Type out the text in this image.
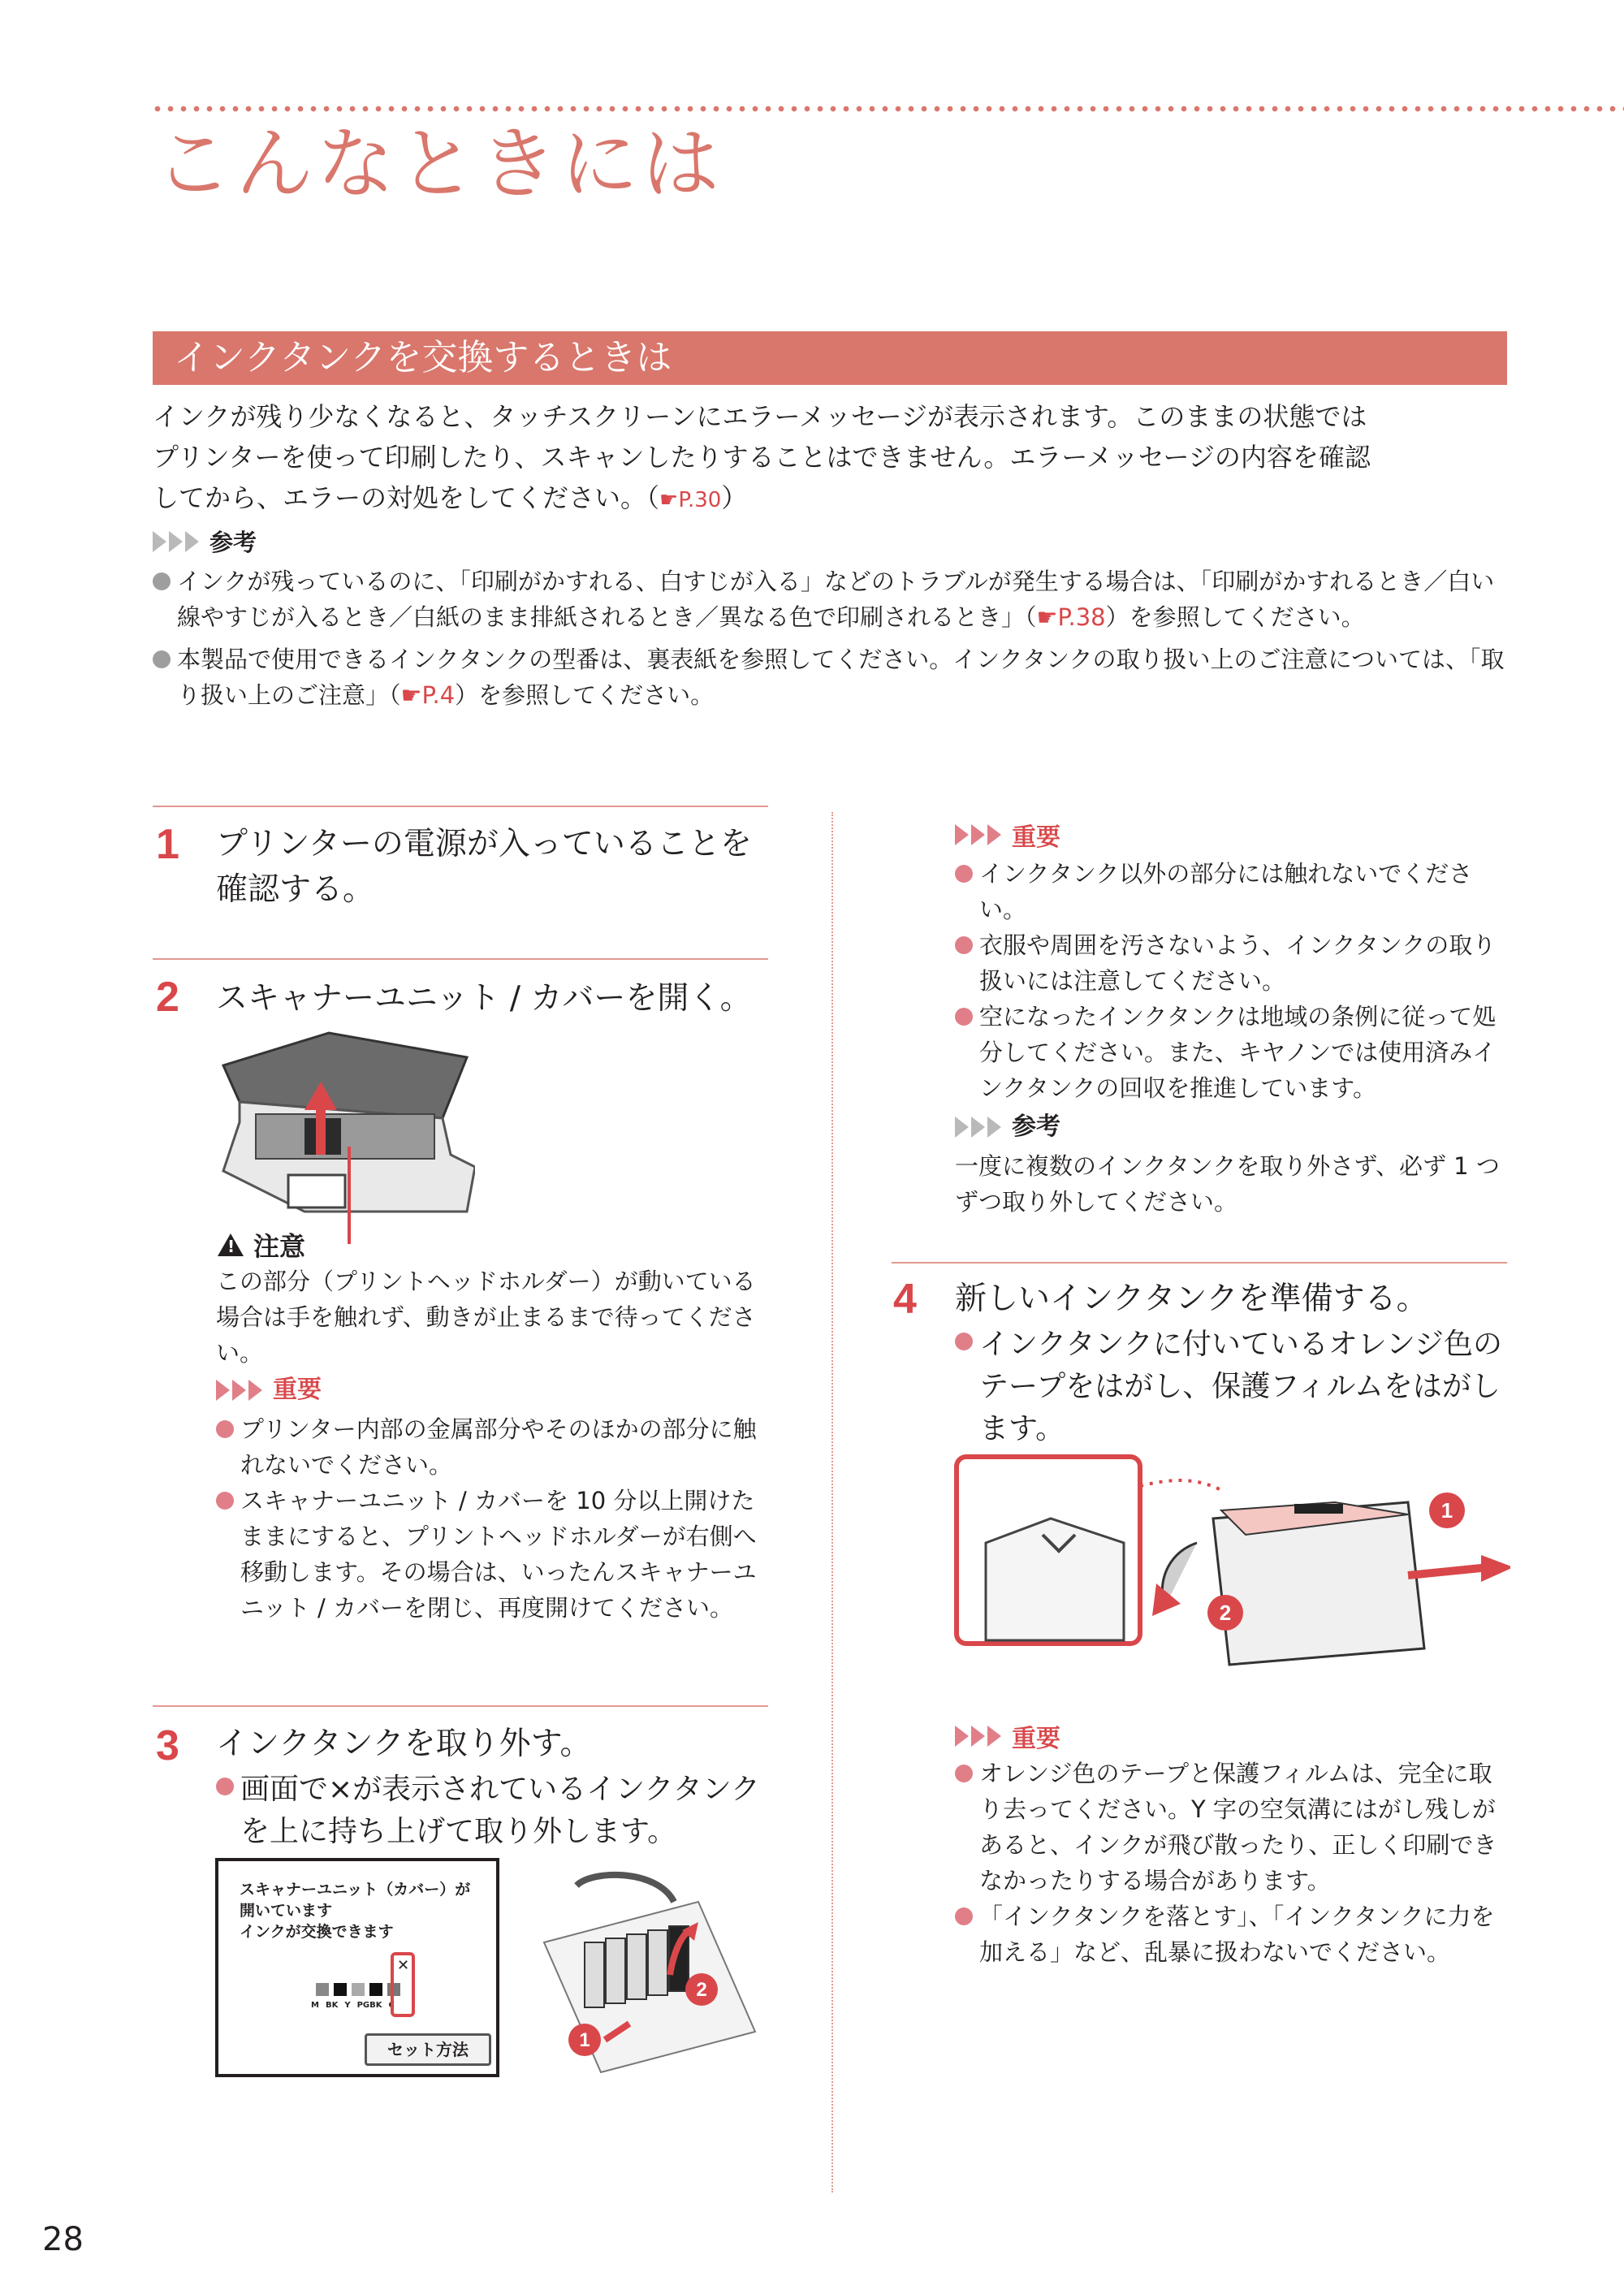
こんなときには
インクタンクを交換するときは
インクが残り少なくなると、タッチスクリーンにエラーメッセージが表示されます。このままの状態では
プリンターを使って印刷したり、スキャンしたりすることはできません。エラーメッセージの内容を確認
してから、エラーの対処をしてください。（☛P.30）
参考
インクが残っているのに、「印刷がかすれる、白すじが入る」などのトラブルが発生する場合は、「印刷がかすれるとき／白い線やすじが入るとき／白紙のまま排紙されるとき／異なる色で印刷されるとき」（☛P.38）を参照してください。
本製品で使用できるインクタンクの型番は、裏表紙を参照してください。インクタンクの取り扱い上のご注意については、「取り扱い上のご注意」（☛P.4）を参照してください。
1 プリンターの電源が入っていることを
確認する。
2 スキャナーユニット / カバーを開く。
!
注意
この部分（プリントヘッドホルダー）が動いている場合は手を触れず、動きが止まるまで待ってください。
重要
プリンター内部の金属部分やそのほかの部分に触れないでください。
スキャナーユニット / カバーを 10 分以上開けたままにすると、プリントヘッドホルダーが右側へ移動します。その場合は、いったんスキャナーユニット / カバーを閉じ、再度開けてください。
3 インクタンクを取り外す。
画面で×が表示されているインクタンクを上に持ち上げて取り外します。
スキャナーユニット（カバー）が
開いています
インクが交換できます
M BK Y PGBK C
✕
セット方法
2
1
重要
インクタンク以外の部分には触れないでください。
衣服や周囲を汚さないよう、インクタンクの取り扱いには注意してください。
空になったインクタンクは地域の条例に従って処分してください。また、キヤノンでは使用済みインクタンクの回収を推進しています。
参考
一度に複数のインクタンクを取り外さず、必ず 1 つずつ取り外してください。
4 新しいインクタンクを準備する。
インクタンクに付いているオレンジ色のテープをはがし、保護フィルムをはがします。
1
2
重要
オレンジ色のテープと保護フィルムは、完全に取り去ってください。Y 字の空気溝にはがし残しがあると、インクが飛び散ったり、正しく印刷できなかったりする場合があります。
「インクタンクを落とす」、「インクタンクに力を加える」など、乱暴に扱わないでください。
28
